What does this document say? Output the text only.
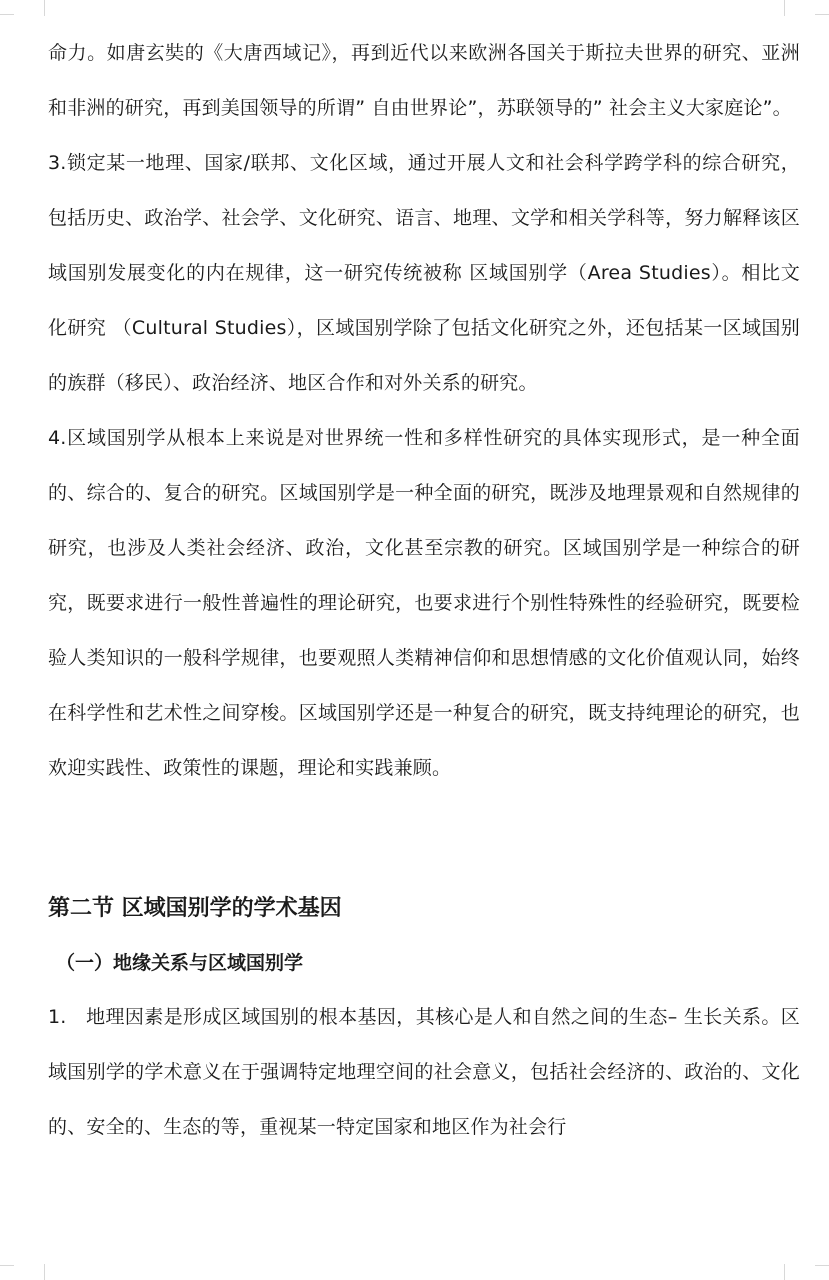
命力。如唐玄奘的《大唐西域记》，再到近代以来欧洲各国关于斯拉夫世界的研究、亚洲和非洲的研究，再到美国领导的所谓” 自由世界论”，苏联领导的” 社会主义大家庭论”。

3.锁定某一地理、国家/联邦、文化区域，通过开展人文和社会科学跨学科的综合研究，包括历史、政治学、社会学、文化研究、语言、地理、文学和相关学科等，努力解释该区域国别发展变化的内在规律，这一研究传统被称 区域国别学（Area Studies）。相比文化研究 （Cultural Studies），区域国别学除了包括文化研究之外，还包括某一区域国别的族群（移民）、政治经济、地区合作和对外关系的研究。

4.区域国别学从根本上来说是对世界统一性和多样性研究的具体实现形式，是一种全面的、综合的、复合的研究。区域国别学是一种全面的研究，既涉及地理景观和自然规律的研究，也涉及人类社会经济、政治，文化甚至宗教的研究。区域国别学是一种综合的研究，既要求进行一般性普遍性的理论研究，也要求进行个别性特殊性的经验研究，既要检验人类知识的一般科学规律，也要观照人类精神信仰和思想情感的文化价值观认同，始终在科学性和艺术性之间穿梭。区域国别学还是一种复合的研究，既支持纯理论的研究，也欢迎实践性、政策性的课题，理论和实践兼顾。

第二节 区域国别学的学术基因
（一）地缘关系与区域国别学

1.　地理因素是形成区域国别的根本基因，其核心是人和自然之间的生态– 生长关系。区域国别学的学术意义在于强调特定地理空间的社会意义，包括社会经济的、政治的、文化的、安全的、生态的等，重视某一特定国家和地区作为社会行
